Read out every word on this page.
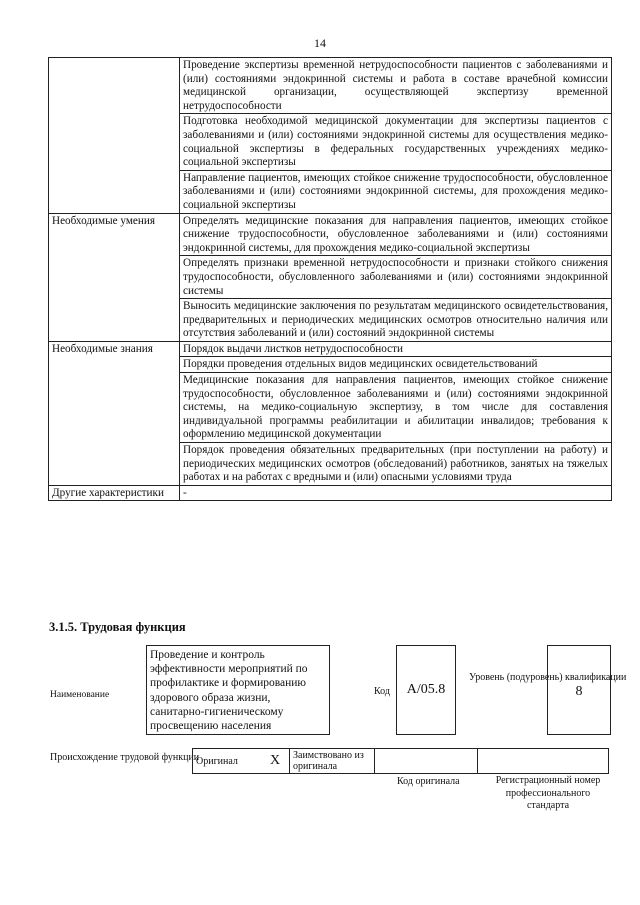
14
	Проведение экспертизы временной нетрудоспособности пациентов с заболеваниями и (или) состояниями эндокринной системы и работа в составе врачебной комиссии медицинской организации, осуществляющей экспертизу временной нетрудоспособности
	Подготовка необходимой медицинской документации для экспертизы пациентов с заболеваниями и (или) состояниями эндокринной системы для осуществления медико-социальной экспертизы в федеральных государственных учреждениях медико-социальной экспертизы
	Направление пациентов, имеющих стойкое снижение трудоспособности, обусловленное заболеваниями и (или) состояниями эндокринной системы, для прохождения медико-социальной экспертизы
Необходимые умения	Определять медицинские показания для направления пациентов, имеющих стойкое снижение трудоспособности, обусловленное заболеваниями и (или) состояниями эндокринной системы, для прохождения медико-социальной экспертизы
	Определять признаки временной нетрудоспособности и признаки стойкого снижения трудоспособности, обусловленного заболеваниями и (или) состояниями эндокринной системы
	Выносить медицинские заключения по результатам медицинского освидетельствования, предварительных и периодических медицинских осмотров относительно наличия или отсутствия заболеваний и (или) состояний эндокринной системы
Необходимые знания	Порядок выдачи листков нетрудоспособности
	Порядки проведения отдельных видов медицинских освидетельствований
	Медицинские показания для направления пациентов, имеющих стойкое снижение трудоспособности, обусловленное заболеваниями и (или) состояниями эндокринной системы, на медико-социальную экспертизу, в том числе для составления индивидуальной программы реабилитации и абилитации инвалидов; требования к оформлению медицинской документации
	Порядок проведения обязательных предварительных (при поступлении на работу) и периодических медицинских осмотров (обследований) работников, занятых на тяжелых работах и на работах с вредными и (или) опасными условиями труда
Другие характеристики	-
3.1.5. Трудовая функция
Наименование
Проведение и контроль эффективности мероприятий по профилактике и формированию здорового образа жизни, санитарно-гигиеническому просвещению населения
Код	A/05.8
Уровень (подуровень) квалификации
8
Происхождение трудовой функции
Оригинал	X	Заимствовано из оригинала		
Код оригинала	Регистрационный номер профессионального стандарта
